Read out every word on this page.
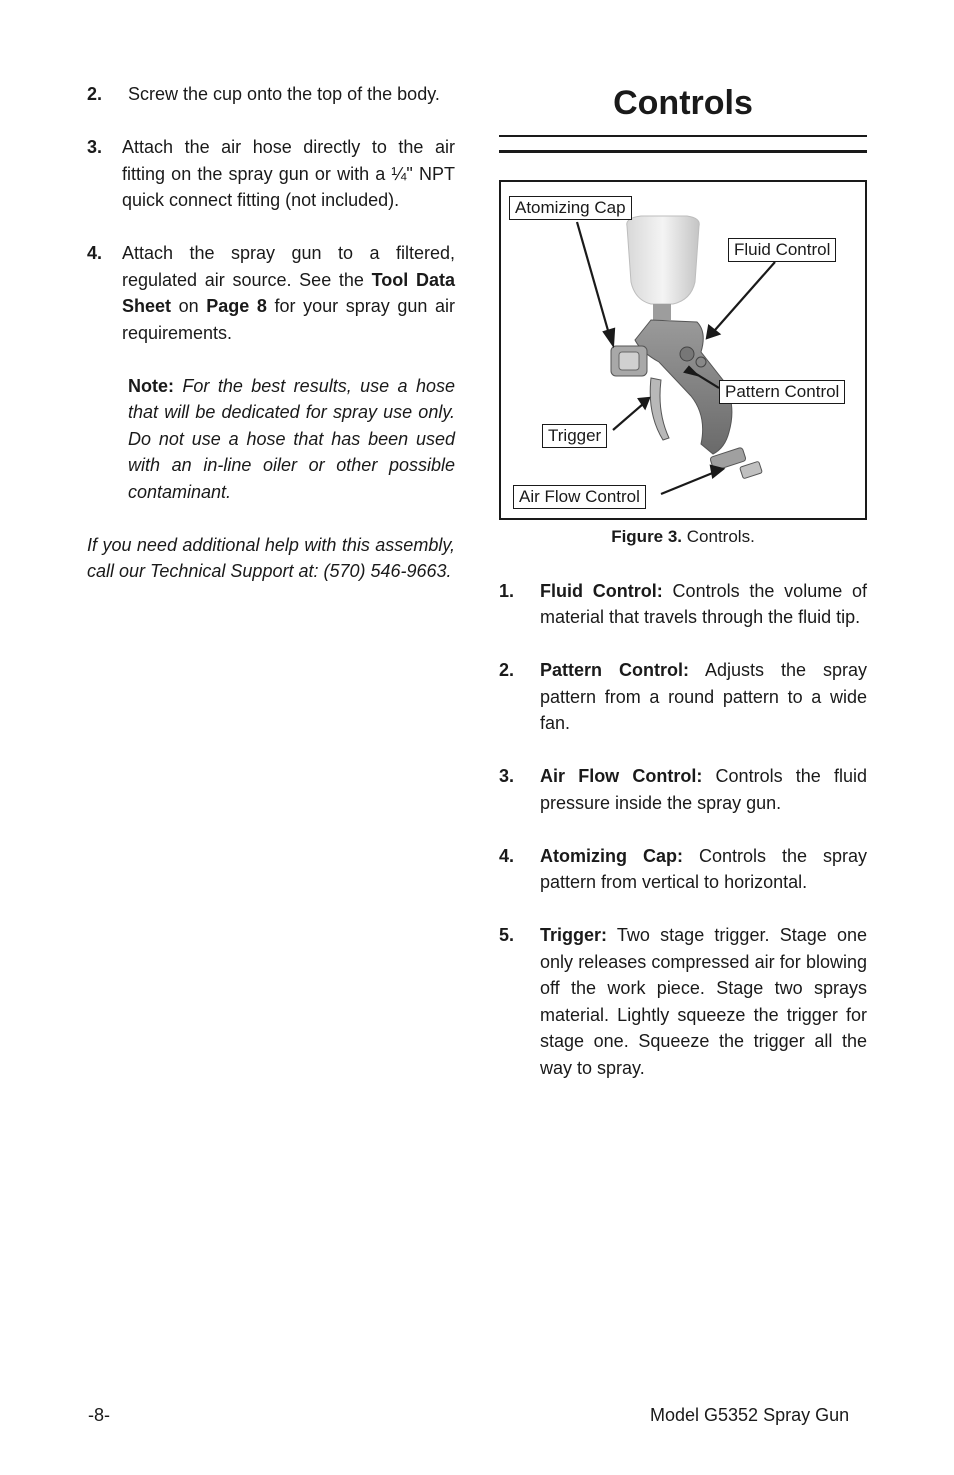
2.	Screw the cup onto the top of the body.
3.	Attach the air hose directly to the air fitting on the spray gun or with a ¼" NPT quick connect fitting (not included).
4.	Attach the spray gun to a filtered, regulated air source. See the Tool Data Sheet on Page 8 for your spray gun air requirements.
Note: For the best results, use a hose that will be dedicated for spray use only. Do not use a hose that has been used with an in-line oiler or other possible contaminant.
If you need additional help with this assembly, call our Technical Support at: (570) 546-9663.
Controls
Atomizing Cap
Fluid Control
Pattern Control
Trigger
Air Flow Control
Figure 3. Controls.
1.	Fluid Control: Controls the volume of material that travels through the fluid tip.
2.	Pattern Control: Adjusts the spray pattern from a round pattern to a wide fan.
3.	Air Flow Control: Controls the fluid pressure inside the spray gun.
4.	Atomizing Cap: Controls the spray pattern from vertical to horizontal.
5.	Trigger: Two stage trigger. Stage one only releases compressed air for blowing off the work piece. Stage two sprays material. Lightly squeeze the trigger for stage one. Squeeze the trigger all the way to spray.
-8-	Model G5352 Spray Gun
